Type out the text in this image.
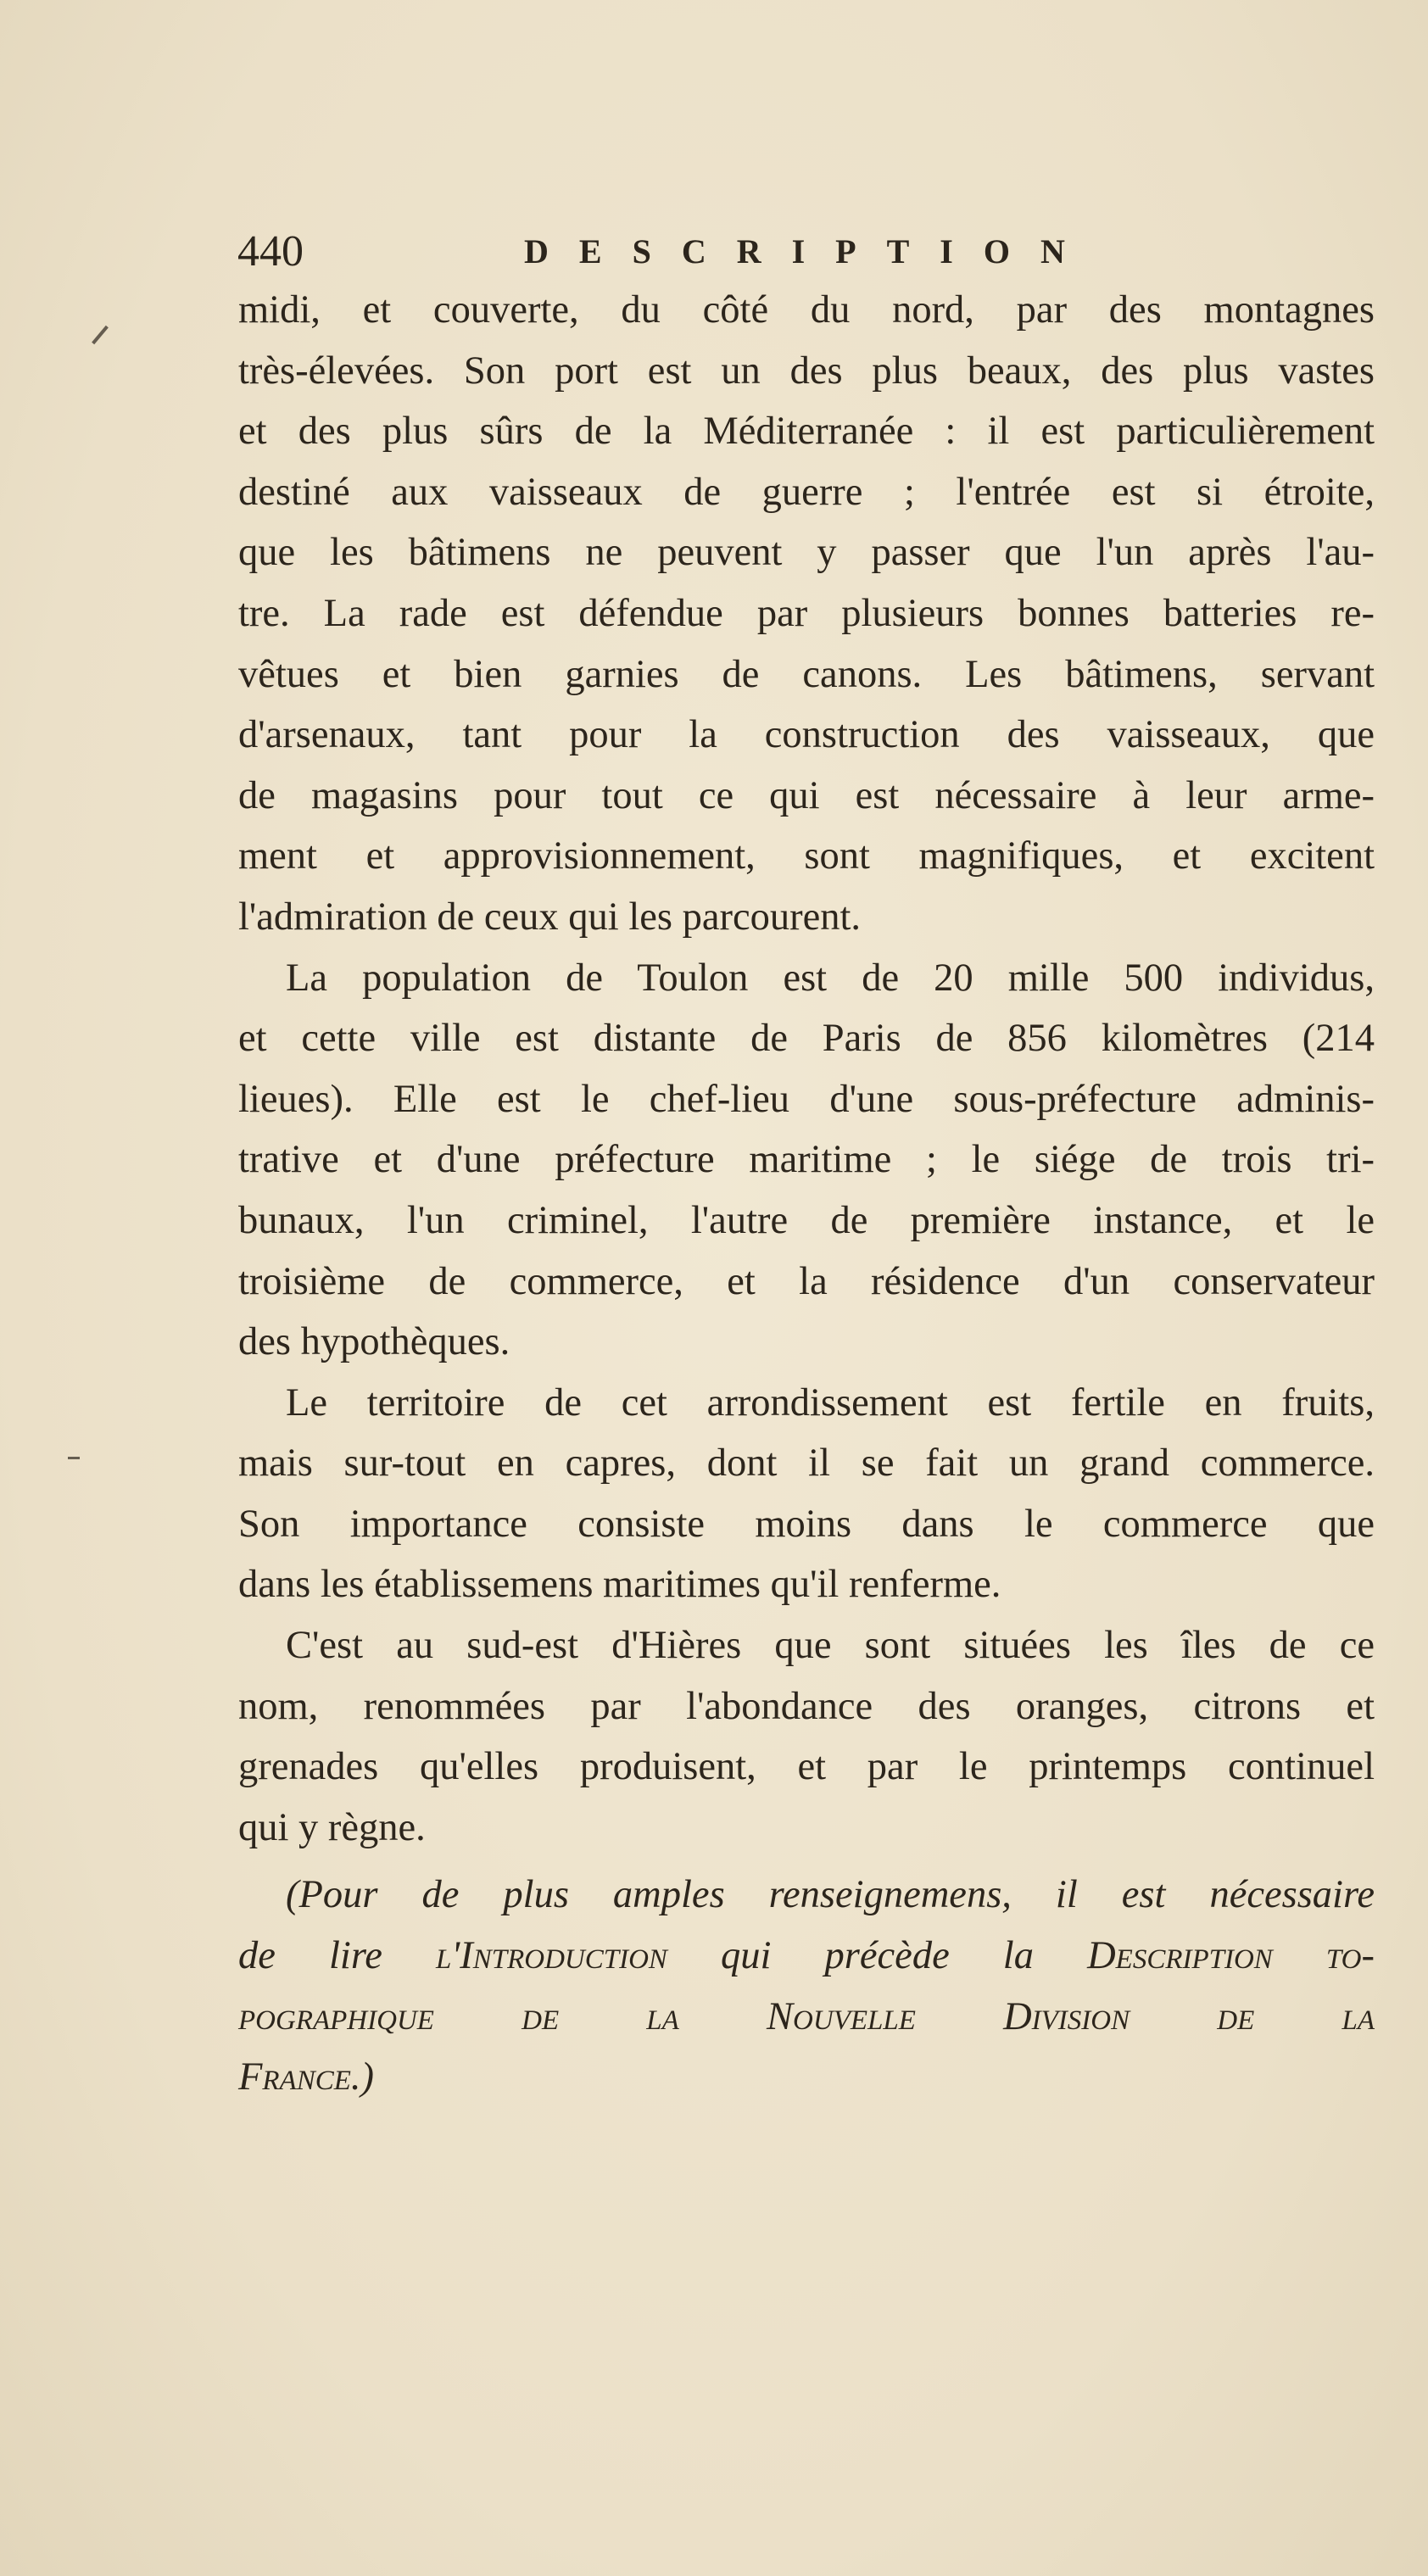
440	DESCRIPTION
midi, et couverte, du côté du nord, par des montagnes
très-élevées. Son port est un des plus beaux, des plus vastes
et des plus sûrs de la Méditerranée : il est particulièrement
destiné aux vaisseaux de guerre ; l'entrée est si étroite,
que les bâtimens ne peuvent y passer que l'un après l'au-
tre. La rade est défendue par plusieurs bonnes batteries re-
vêtues et bien garnies de canons. Les bâtimens, servant
d'arsenaux, tant pour la construction des vaisseaux, que
de magasins pour tout ce qui est nécessaire à leur arme-
ment et approvisionnement, sont magnifiques, et excitent
l'admiration de ceux qui les parcourent.
La population de Toulon est de 20 mille 500 individus,
et cette ville est distante de Paris de 856 kilomètres (214
lieues). Elle est le chef-lieu d'une sous-préfecture adminis-
trative et d'une préfecture maritime ; le siége de trois tri-
bunaux, l'un criminel, l'autre de première instance, et le
troisième de commerce, et la résidence d'un conservateur
des hypothèques.
Le territoire de cet arrondissement est fertile en fruits,
mais sur-tout en capres, dont il se fait un grand commerce.
Son importance consiste moins dans le commerce que
dans les établissemens maritimes qu'il renferme.
C'est au sud-est d'Hières que sont situées les îles de ce
nom, renommées par l'abondance des oranges, citrons et
grenades qu'elles produisent, et par le printemps continuel
qui y règne.
(Pour de plus amples renseignemens, il est nécessaire
de lire l'Introduction qui précède la Description to-
pographique de la Nouvelle Division de la
France.)
